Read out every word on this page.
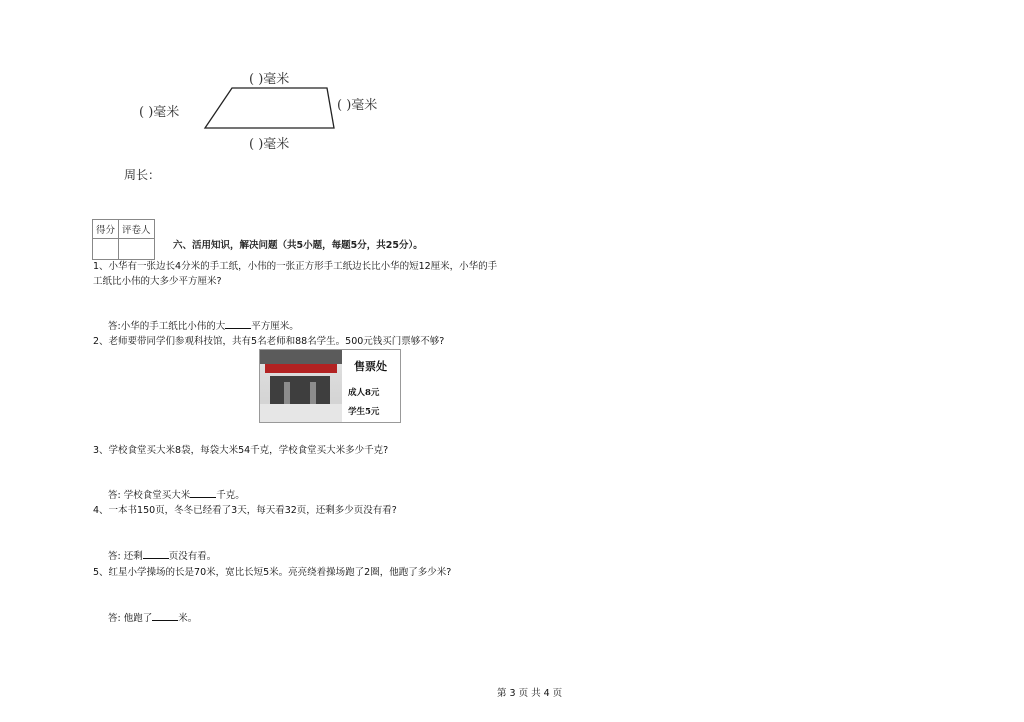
( )毫米
( )毫米	( )毫米
( )毫米
周长：
得分	评卷人

六、活用知识，解决问题（共5小题，每题5分，共25分）。
1、小华有一张边长4分米的手工纸，小伟的一张正方形手工纸边长比小华的短12厘米，小华的手
工纸比小伟的大多少平方厘米?
答:小华的手工纸比小伟的大	平方厘米。
2、老师要带同学们参观科技馆，共有5名老师和88名学生。500元钱买门票够不够?
售票处
成人8元
学生5元
3、学校食堂买大米8袋，每袋大米54千克，学校食堂买大米多少千克?
答: 学校食堂买大米	千克。
4、一本书150页，冬冬已经看了3天，每天看32页，还剩多少页没有看?
答: 还剩	页没有看。
5、红星小学操场的长是70米，宽比长短5米。亮亮绕着操场跑了2圈，他跑了多少米?
答: 他跑了	米。
第 3 页 共 4 页
